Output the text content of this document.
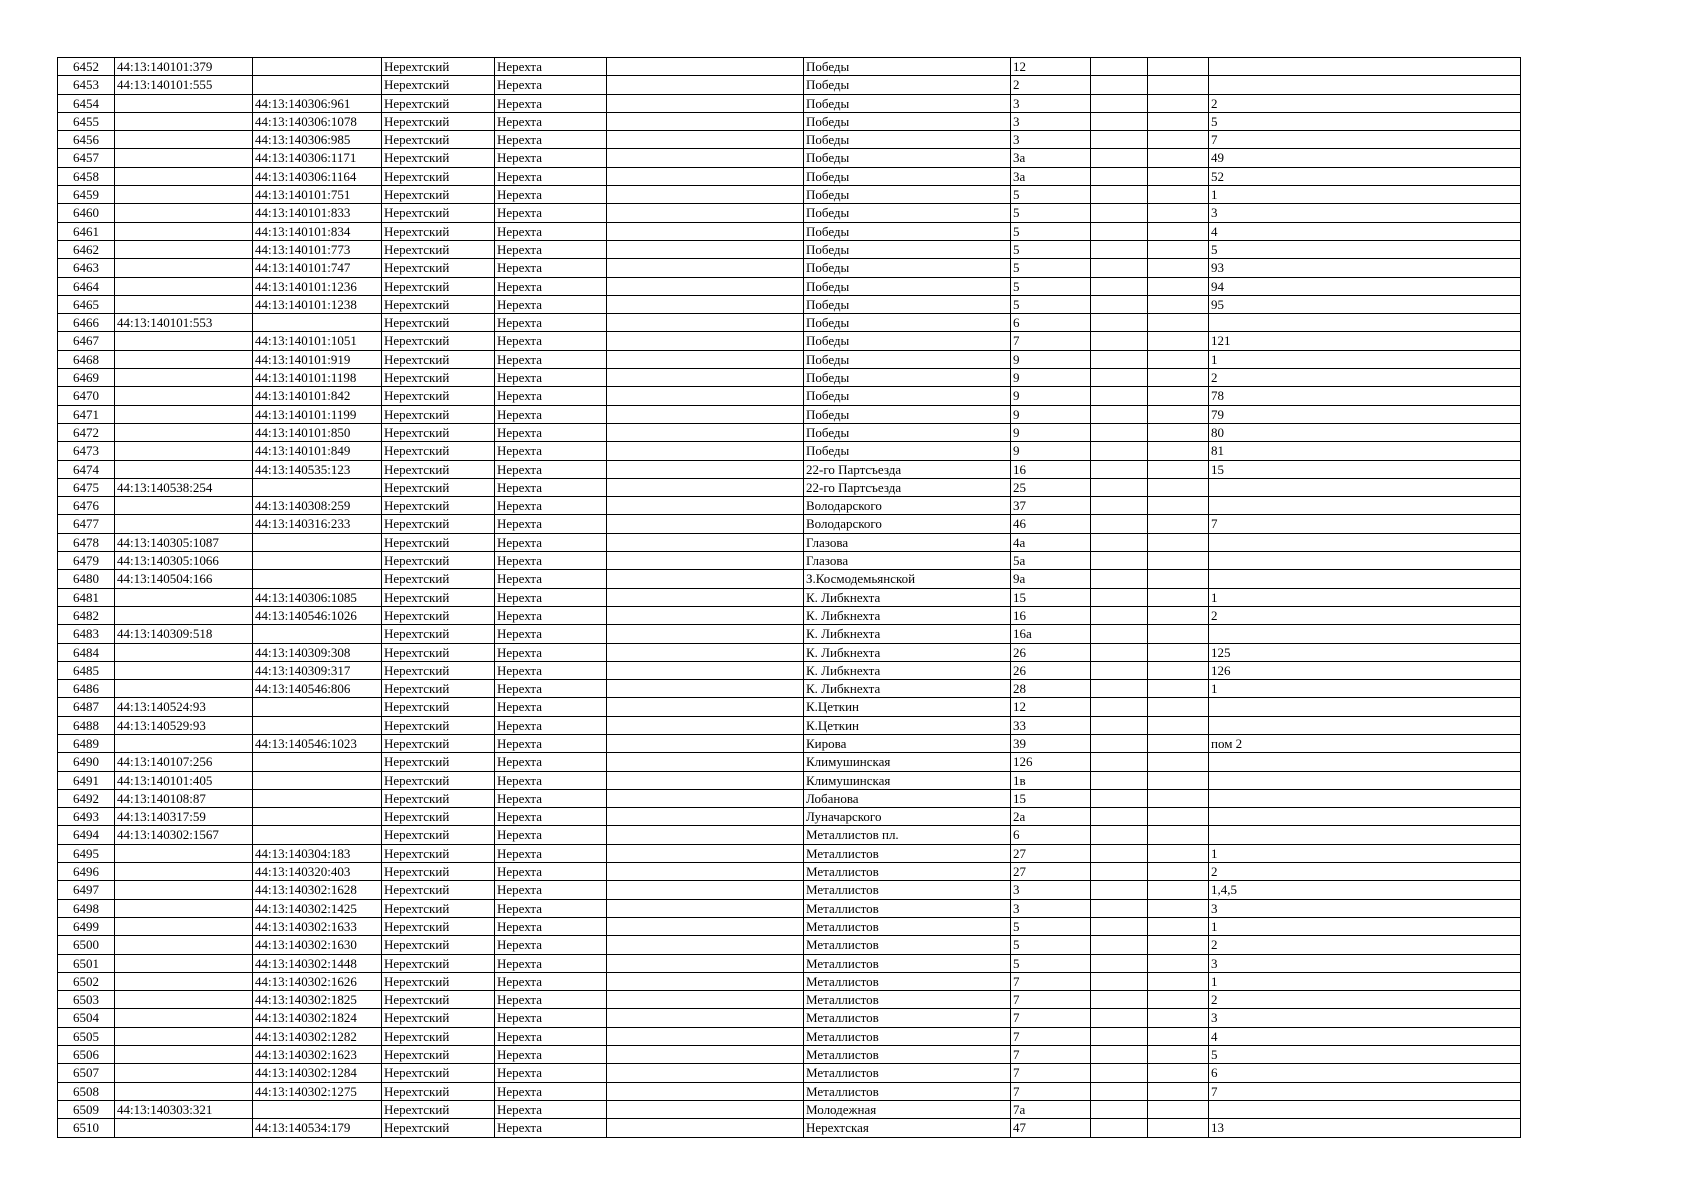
6452	44:13:140101:379		Нерехтский	Нерехта		Победы	12			
6453	44:13:140101:555		Нерехтский	Нерехта		Победы	2			
6454		44:13:140306:961	Нерехтский	Нерехта		Победы	3			2
6455		44:13:140306:1078	Нерехтский	Нерехта		Победы	3			5
6456		44:13:140306:985	Нерехтский	Нерехта		Победы	3			7
6457		44:13:140306:1171	Нерехтский	Нерехта		Победы	3а			49
6458		44:13:140306:1164	Нерехтский	Нерехта		Победы	3а			52
6459		44:13:140101:751	Нерехтский	Нерехта		Победы	5			1
6460		44:13:140101:833	Нерехтский	Нерехта		Победы	5			3
6461		44:13:140101:834	Нерехтский	Нерехта		Победы	5			4
6462		44:13:140101:773	Нерехтский	Нерехта		Победы	5			5
6463		44:13:140101:747	Нерехтский	Нерехта		Победы	5			93
6464		44:13:140101:1236	Нерехтский	Нерехта		Победы	5			94
6465		44:13:140101:1238	Нерехтский	Нерехта		Победы	5			95
6466	44:13:140101:553		Нерехтский	Нерехта		Победы	6			
6467		44:13:140101:1051	Нерехтский	Нерехта		Победы	7			121
6468		44:13:140101:919	Нерехтский	Нерехта		Победы	9			1
6469		44:13:140101:1198	Нерехтский	Нерехта		Победы	9			2
6470		44:13:140101:842	Нерехтский	Нерехта		Победы	9			78
6471		44:13:140101:1199	Нерехтский	Нерехта		Победы	9			79
6472		44:13:140101:850	Нерехтский	Нерехта		Победы	9			80
6473		44:13:140101:849	Нерехтский	Нерехта		Победы	9			81
6474		44:13:140535:123	Нерехтский	Нерехта		22-го Партсъезда	16			15
6475	44:13:140538:254		Нерехтский	Нерехта		22-го Партсъезда	25			
6476		44:13:140308:259	Нерехтский	Нерехта		Володарского	37			
6477		44:13:140316:233	Нерехтский	Нерехта		Володарского	46			7
6478	44:13:140305:1087		Нерехтский	Нерехта		Глазова	4а			
6479	44:13:140305:1066		Нерехтский	Нерехта		Глазова	5а			
6480	44:13:140504:166		Нерехтский	Нерехта		З.Космодемьянской	9а			
6481		44:13:140306:1085	Нерехтский	Нерехта		К. Либкнехта	15			1
6482		44:13:140546:1026	Нерехтский	Нерехта		К. Либкнехта	16			2
6483	44:13:140309:518		Нерехтский	Нерехта		К. Либкнехта	16а			
6484		44:13:140309:308	Нерехтский	Нерехта		К. Либкнехта	26			125
6485		44:13:140309:317	Нерехтский	Нерехта		К. Либкнехта	26			126
6486		44:13:140546:806	Нерехтский	Нерехта		К. Либкнехта	28			1
6487	44:13:140524:93		Нерехтский	Нерехта		К.Цеткин	12			
6488	44:13:140529:93		Нерехтский	Нерехта		К.Цеткин	33			
6489		44:13:140546:1023	Нерехтский	Нерехта		Кирова	39			пом 2
6490	44:13:140107:256		Нерехтский	Нерехта		Климушинская	126			
6491	44:13:140101:405		Нерехтский	Нерехта		Климушинская	1в			
6492	44:13:140108:87		Нерехтский	Нерехта		Лобанова	15			
6493	44:13:140317:59		Нерехтский	Нерехта		Луначарского	2а			
6494	44:13:140302:1567		Нерехтский	Нерехта		Металлистов пл.	6			
6495		44:13:140304:183	Нерехтский	Нерехта		Металлистов	27			1
6496		44:13:140320:403	Нерехтский	Нерехта		Металлистов	27			2
6497		44:13:140302:1628	Нерехтский	Нерехта		Металлистов	3			1,4,5
6498		44:13:140302:1425	Нерехтский	Нерехта		Металлистов	3			3
6499		44:13:140302:1633	Нерехтский	Нерехта		Металлистов	5			1
6500		44:13:140302:1630	Нерехтский	Нерехта		Металлистов	5			2
6501		44:13:140302:1448	Нерехтский	Нерехта		Металлистов	5			3
6502		44:13:140302:1626	Нерехтский	Нерехта		Металлистов	7			1
6503		44:13:140302:1825	Нерехтский	Нерехта		Металлистов	7			2
6504		44:13:140302:1824	Нерехтский	Нерехта		Металлистов	7			3
6505		44:13:140302:1282	Нерехтский	Нерехта		Металлистов	7			4
6506		44:13:140302:1623	Нерехтский	Нерехта		Металлистов	7			5
6507		44:13:140302:1284	Нерехтский	Нерехта		Металлистов	7			6
6508		44:13:140302:1275	Нерехтский	Нерехта		Металлистов	7			7
6509	44:13:140303:321		Нерехтский	Нерехта		Молодежная	7а			
6510		44:13:140534:179	Нерехтский	Нерехта		Нерехтская	47			13
